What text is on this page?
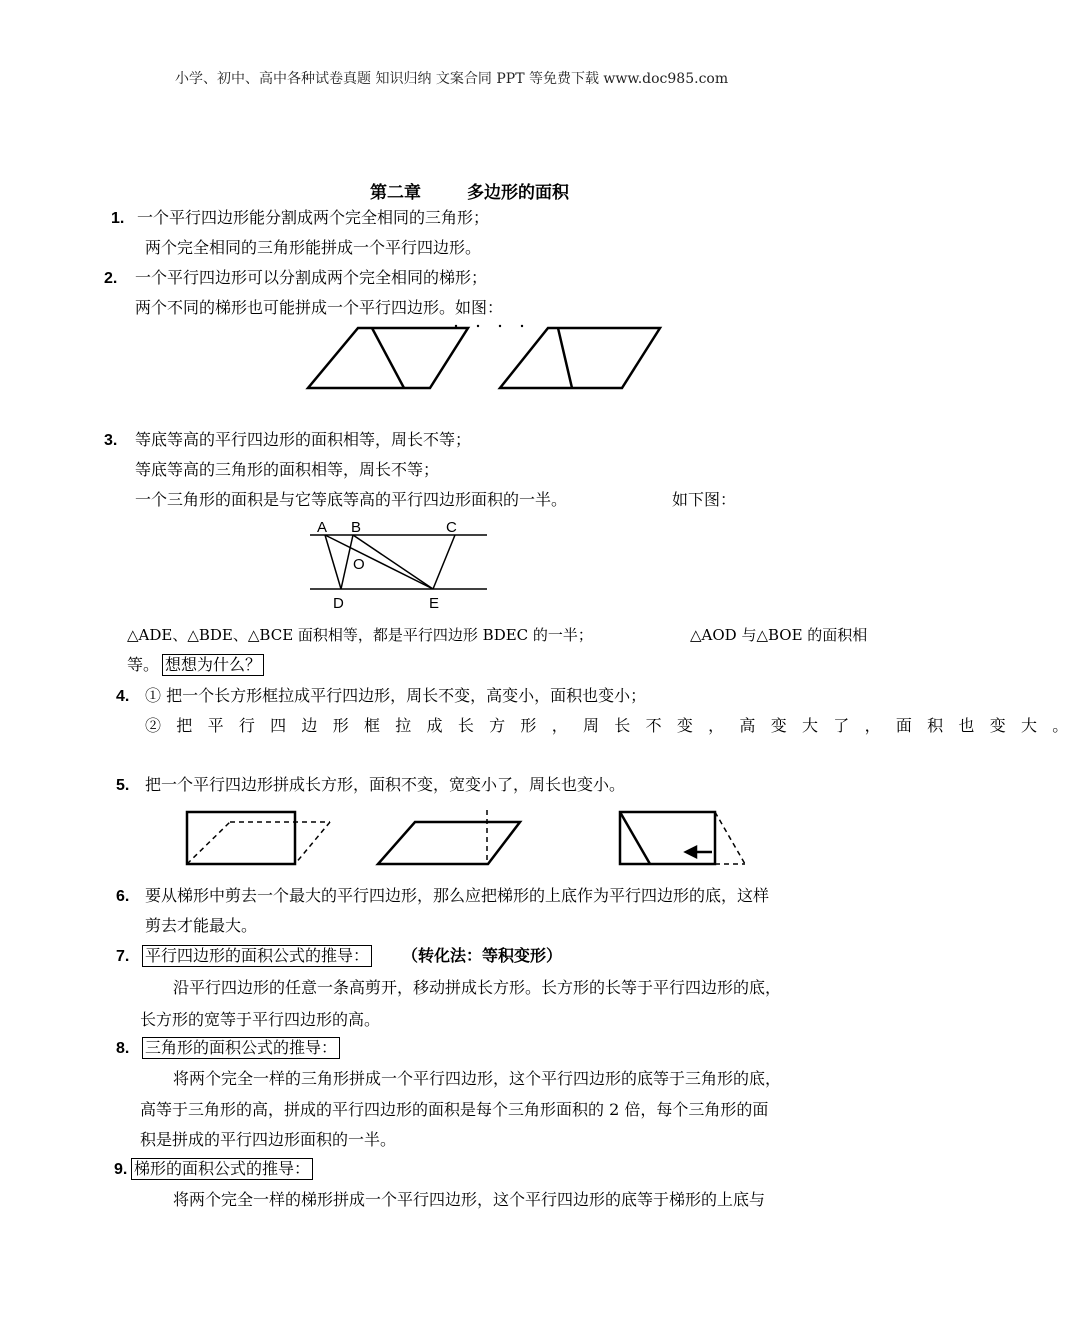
小学、初中、高中各种试卷真题 知识归纳 文案合同 PPT 等免费下载 www.doc985.com
第二章	多边形的面积
1. 一个平行四边形能分割成两个完全相同的三角形；
两个完全相同的三角形能拼成一个平行四边形。
2. 一个平行四边形可以分割成两个完全相同的梯形；
两个不同的梯形也可能拼成一个平行四边形。如图：
3. 等底等高的平行四边形的面积相等，周长不等；
等底等高的三角形的面积相等，周长不等；
一个三角形的面积是与它等底等高的平行四边形面积的一半。	如下图：
A B	C
O
D	E
△ADE、△BDE、△BCE 面积相等，都是平行四边形 BDEC 的一半；	△AOD 与△BOE 的面积相
等。 想想为什么？
4. ① 把一个长方形框拉成平行四边形，周长不变，高变小，面积也变小；
② 把 平 行 四 边 形 框 拉 成 长 方 形 ， 周 长 不 变 ， 高 变 大 了 ， 面 积 也 变 大 。
5. 把一个平行四边形拼成长方形，面积不变，宽变小了，周长也变小。
6. 要从梯形中剪去一个最大的平行四边形，那么应把梯形的上底作为平行四边形的底，这样
剪去才能最大。
7. 平行四边形的面积公式的推导： （转化法：等积变形）
沿平行四边形的任意一条高剪开，移动拼成长方形。长方形的长等于平行四边形的底，
长方形的宽等于平行四边形的高。
8. 三角形的面积公式的推导：
将两个完全一样的三角形拼成一个平行四边形，这个平行四边形的底等于三角形的底，
高等于三角形的高，拼成的平行四边形的面积是每个三角形面积的 2 倍，每个三角形的面
积是拼成的平行四边形面积的一半。
9. 梯形的面积公式的推导：
将两个完全一样的梯形拼成一个平行四边形，这个平行四边形的底等于梯形的上底与
